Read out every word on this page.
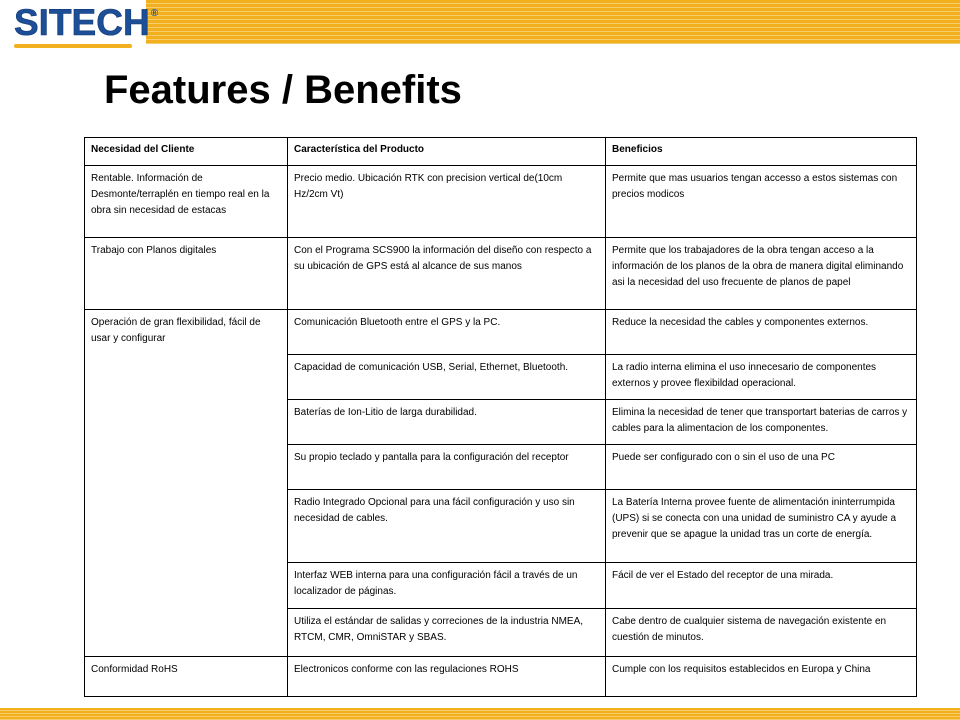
SITECH ®
Features / Benefits
Necesidad del Cliente	Característica del Producto	Beneficios
Rentable. Información de Desmonte/terraplén en tiempo real en la obra sin necesidad de estacas	Precio medio. Ubicación RTK con precision vertical de(10cm Hz/2cm Vt)	Permite que mas usuarios tengan accesso a estos sistemas con precios modicos
Trabajo con Planos digitales	Con el Programa SCS900 la información del diseño con respecto a su ubicación de GPS está al alcance de sus manos	Permite que los trabajadores de la obra tengan acceso a la información de los planos de la obra de manera digital eliminando asi la necesidad del uso frecuente de planos de papel
Operación de gran flexibilidad, fácil de usar y configurar	Comunicación Bluetooth entre el GPS y la PC.	Reduce la necesidad the cables y componentes externos.
	Capacidad de comunicación USB, Serial, Ethernet, Bluetooth.	La radio interna elimina el uso innecesario de componentes externos y provee flexibildad operacional.
	Baterías de Ion-Litio de larga durabilidad.	Elimina la necesidad de tener que transportart baterias de carros y cables para la alimentacion de los componentes.
	Su propio teclado y pantalla para la configuración del receptor	Puede ser configurado con o sin el uso de una PC
	Radio Integrado Opcional para una fácil configuración y uso sin necesidad de cables.	La Batería Interna provee fuente de alimentación ininterrumpida (UPS) si se conecta con una unidad de suministro CA y ayude a prevenir que se apague la unidad tras un corte de energía.
	Interfaz WEB interna para una configuración fácil a través de un localizador de páginas.	Fácil de ver el Estado del receptor de una mirada.
	Utiliza el estándar de salidas y correciones de la industria NMEA, RTCM, CMR, OmniSTAR y SBAS.	Cabe dentro de cualquier sistema de navegación existente en cuestión de minutos.
Conformidad RoHS	Electronicos conforme con las regulaciones ROHS	Cumple con los requisitos establecidos en Europa y China
